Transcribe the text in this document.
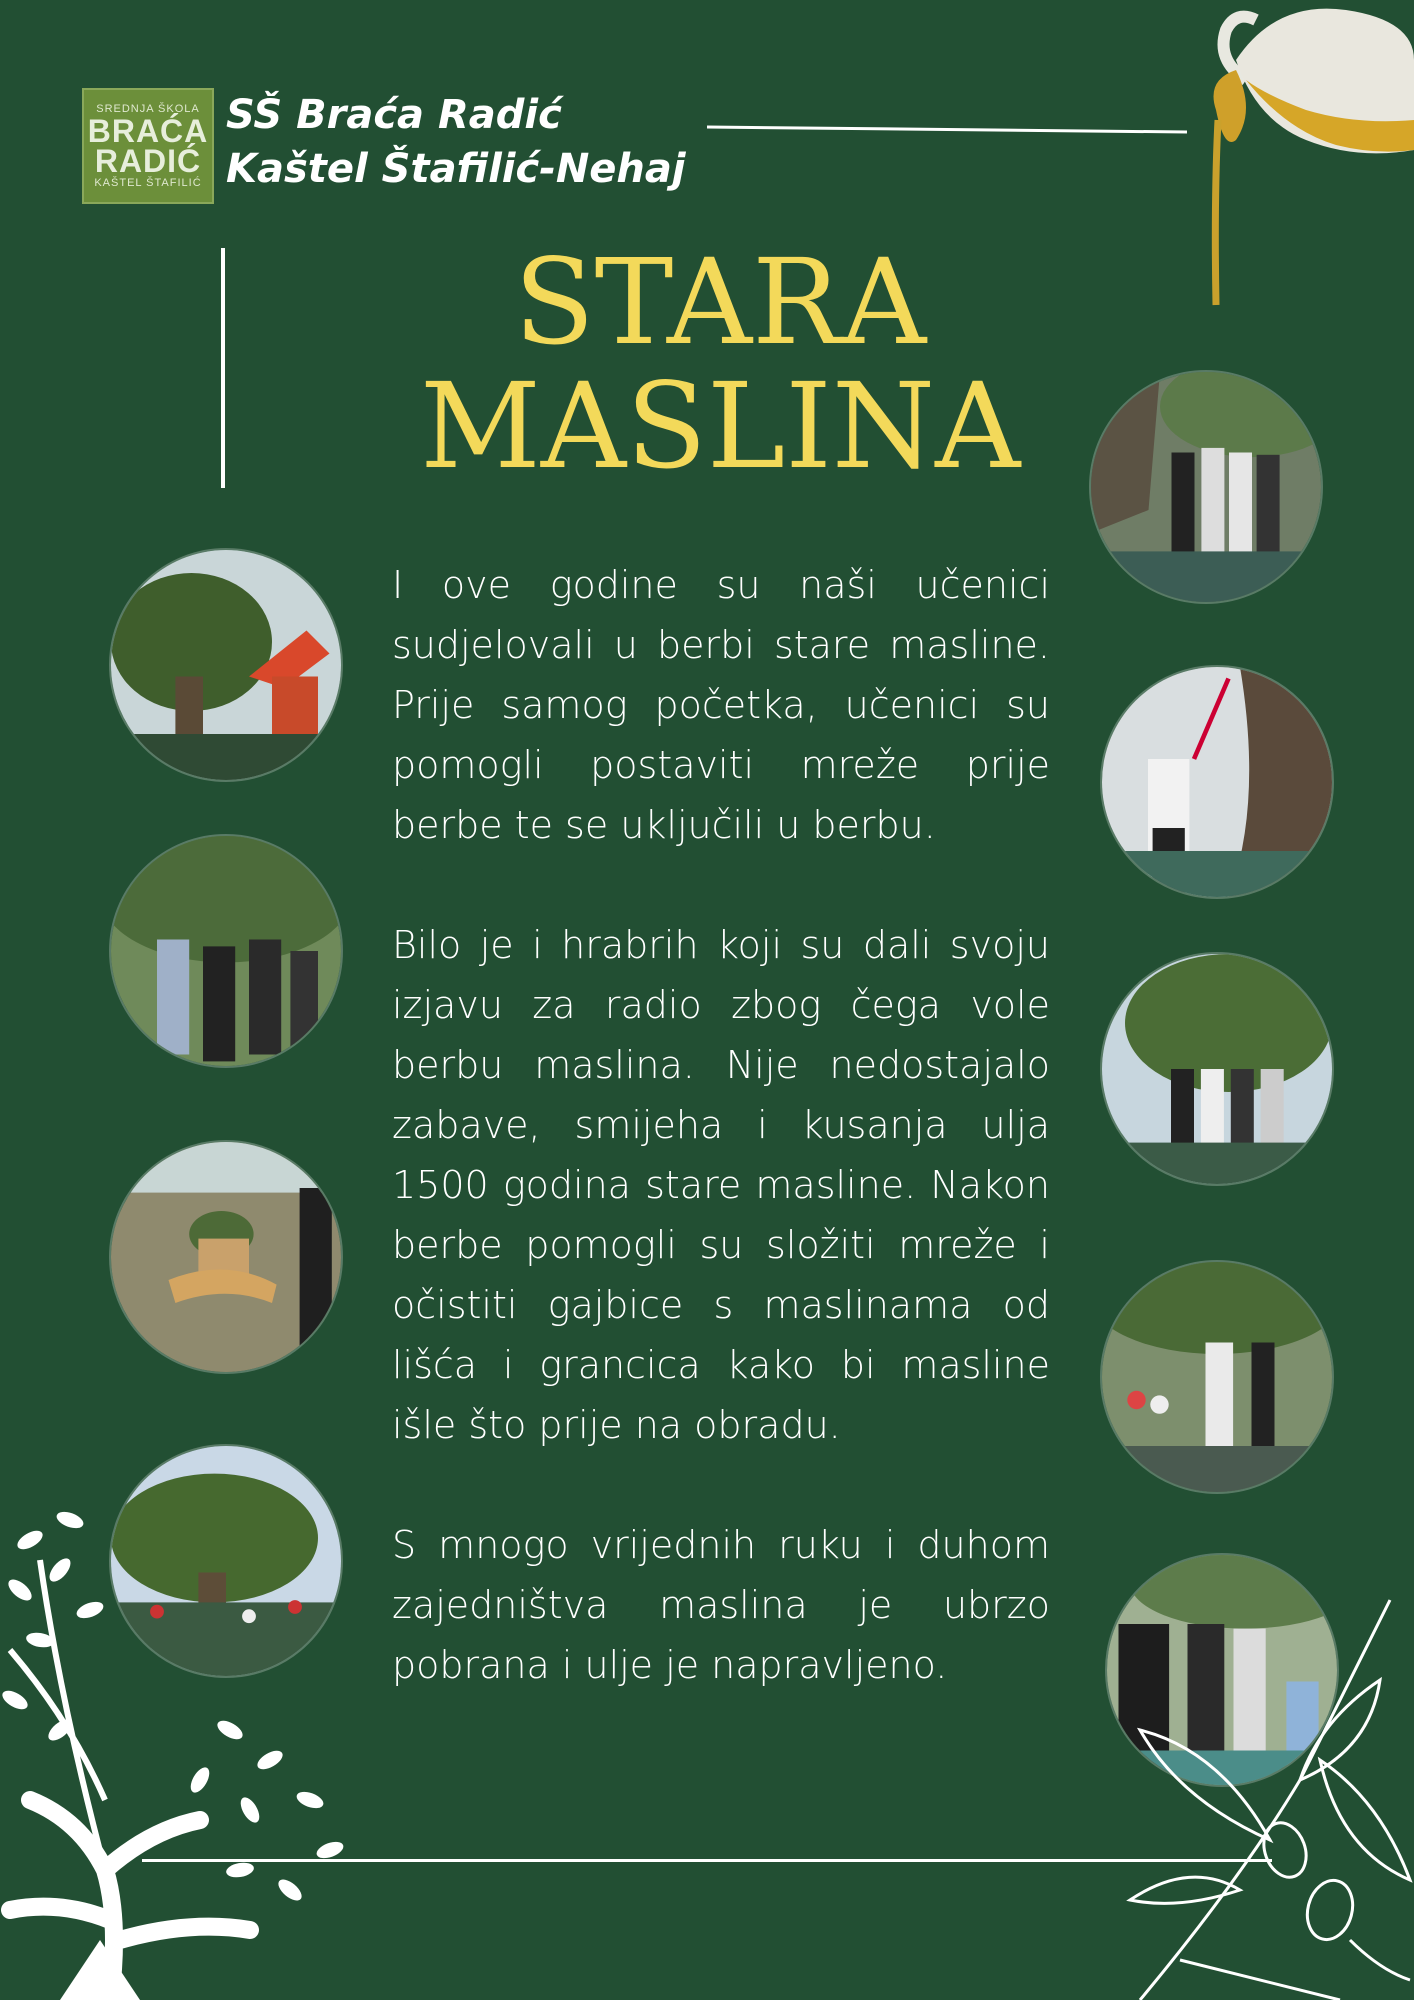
SREDNJA ŠKOLA
BRAĆA
RADIĆ
KAŠTEL ŠTAFILIĆ
SŠ Braća Radić
Kaštel Štafilić-Nehaj
STARA
MASLINA

I ove godine su naši učenici sudjelovali u berbi stare masline. Prije samog početka, učenici su pomogli postaviti mreže prije berbe te se uključili u berbu.

Bilo je i hrabrih koji su dali svoju izjavu za radio zbog čega vole berbu maslina. Nije nedostajalo zabave, smijeha i kusanja ulja 1500 godina stare masline. Nakon berbe pomogli su složiti mreže i očistiti gajbice s maslinama od lišća i grancica kako bi masline išle što prije na obradu.

S mnogo vrijednih ruku i duhom zajedništva maslina je ubrzo pobrana i ulje je napravljeno.
